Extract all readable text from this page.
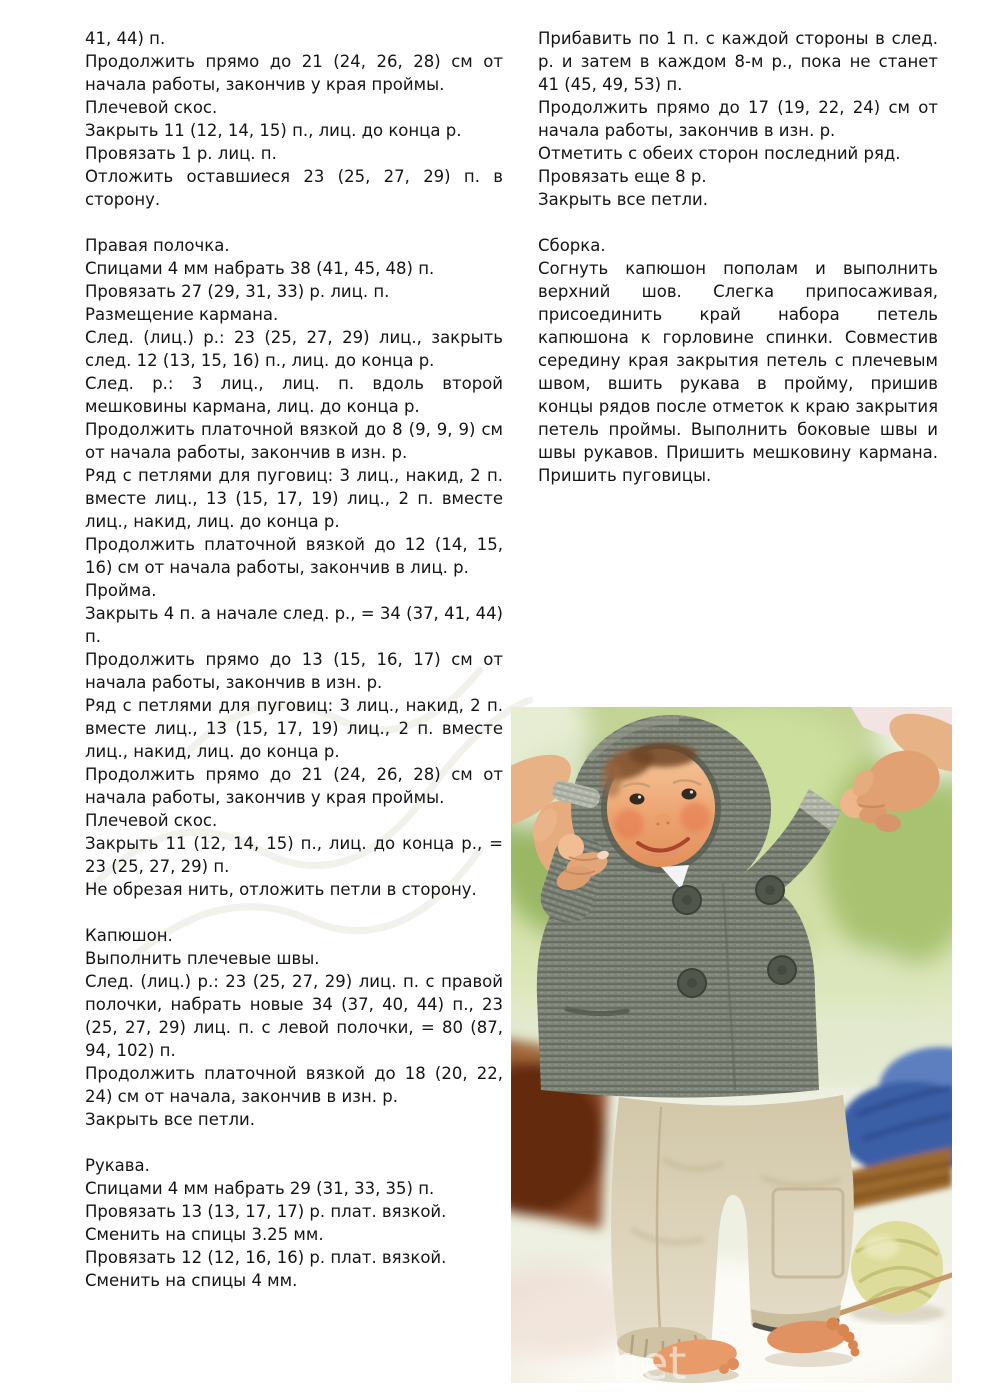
41, 44) п.

Продолжить прямо до 21 (24, 26, 28) см от начала работы, закончив у края проймы.

Плечевой скос.

Закрыть 11 (12, 14, 15) п., лиц. до конца р.

Провязать 1 р. лиц. п.

Отложить оставшиеся 23 (25, 27, 29) п. в сторону.

Правая полочка.

Спицами 4 мм набрать 38 (41, 45, 48) п.

Провязать 27 (29, 31, 33) р. лиц. п.

Размещение кармана.

След. (лиц.) р.: 23 (25, 27, 29) лиц., закрыть след. 12 (13, 15, 16) п., лиц. до конца р.

След. р.: 3 лиц., лиц. п. вдоль второй мешковины кармана, лиц. до конца р.

Продолжить платочной вязкой до 8 (9, 9, 9) см от начала работы, закончив в изн. р.

Ряд с петлями для пуговиц: 3 лиц., накид, 2 п. вместе лиц., 13 (15, 17, 19) лиц., 2 п. вместе лиц., накид, лиц. до конца р.

Продолжить платочной вязкой до 12 (14, 15, 16) см от начала работы, закончив в лиц. р.

Пройма.

Закрыть 4 п. а начале след. р., = 34 (37, 41, 44) п.

Продолжить прямо до 13 (15, 16, 17) см от начала работы, закончив в изн. р.

Ряд с петлями для пуговиц: 3 лиц., накид, 2 п. вместе лиц., 13 (15, 17, 19) лиц., 2 п. вместе лиц., накид, лиц. до конца р.

Продолжить прямо до 21 (24, 26, 28) см от начала работы, закончив у края проймы.

Плечевой скос.

Закрыть 11 (12, 14, 15) п., лиц. до конца р., = 23 (25, 27, 29) п.

Не обрезая нить, отложить петли в сторону.

Капюшон.

Выполнить плечевые швы.

След. (лиц.) р.: 23 (25, 27, 29) лиц. п. с правой полочки, набрать новые 34 (37, 40, 44) п., 23 (25, 27, 29) лиц. п. с левой полочки, = 80 (87, 94, 102) п.

Продолжить платочной вязкой до 18 (20, 22, 24) см от начала, закончив в изн. р.

Закрыть все петли.

Рукава.

Спицами 4 мм набрать 29 (31, 33, 35) п.

Провязать 13 (13, 17, 17) р. плат. вязкой.

Сменить на спицы 3.25 мм.

Провязать 12 (12, 16, 16) р. плат. вязкой.

Сменить на спицы 4 мм.

Прибавить по 1 п. с каждой стороны в след. р. и затем в каждом 8-м р., пока не станет 41 (45, 49, 53) п.

Продолжить прямо до 17 (19, 22, 24) см от начала работы, закончив в изн. р.

Отметить с обеих сторон последний ряд.

Провязать еще 8 р.

Закрыть все петли.

Сборка.

Согнуть капюшон пополам и выполнить верхний шов. Слегка припосаживая, присоединить край набора петель капюшона к горловине спинки. Совместив середину края закрытия петель с плечевым швом, вшить рукава в пройму, пришив концы рядов после отметок к краю закрытия петель проймы. Выполнить боковые швы и швы рукавов. Пришить мешковину кармана. Пришить пуговицы.

net
